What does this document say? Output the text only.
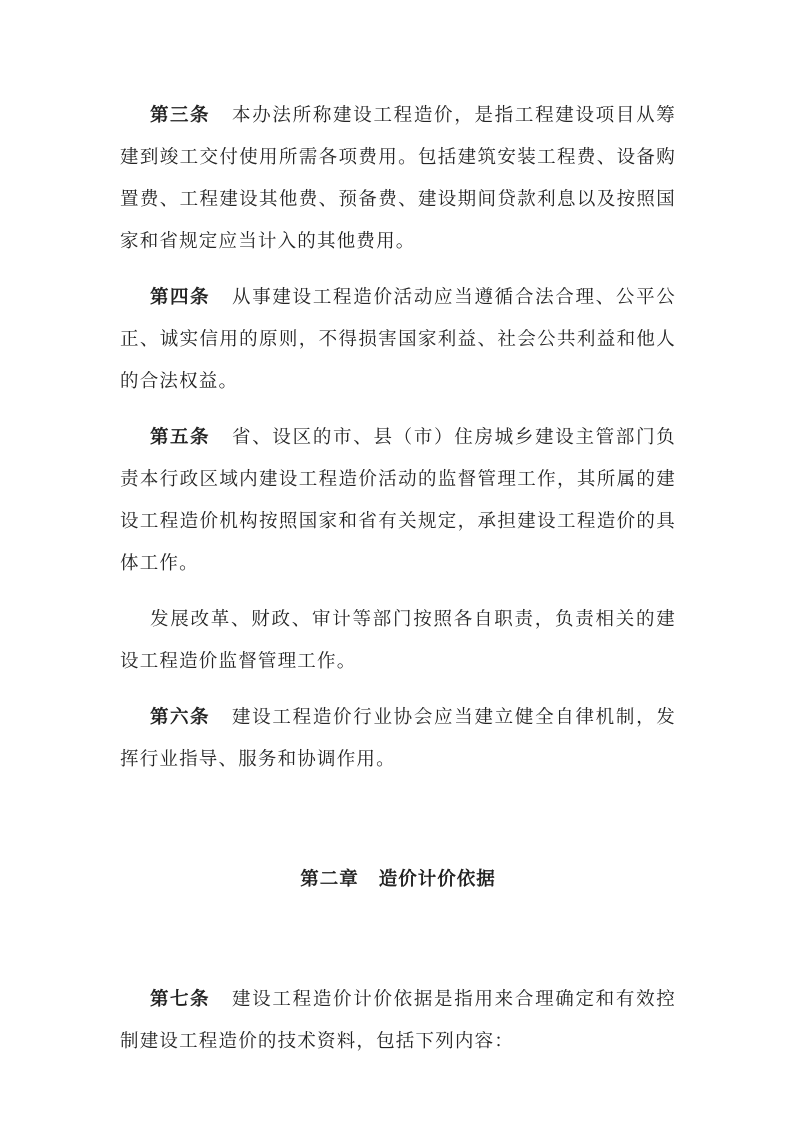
第三条 本办法所称建设工程造价，是指工程建设项目从筹建到竣工交付使用所需各项费用。包括建筑安装工程费、设备购置费、工程建设其他费、预备费、建设期间贷款利息以及按照国家和省规定应当计入的其他费用。

第四条 从事建设工程造价活动应当遵循合法合理、公平公正、诚实信用的原则，不得损害国家利益、社会公共利益和他人的合法权益。

第五条 省、设区的市、县（市）住房城乡建设主管部门负责本行政区域内建设工程造价活动的监督管理工作，其所属的建设工程造价机构按照国家和省有关规定，承担建设工程造价的具体工作。

发展改革、财政、审计等部门按照各自职责，负责相关的建设工程造价监督管理工作。

第六条 建设工程造价行业协会应当建立健全自律机制，发挥行业指导、服务和协调作用。

第二章 造价计价依据

第七条 建设工程造价计价依据是指用来合理确定和有效控制建设工程造价的技术资料，包括下列内容：
